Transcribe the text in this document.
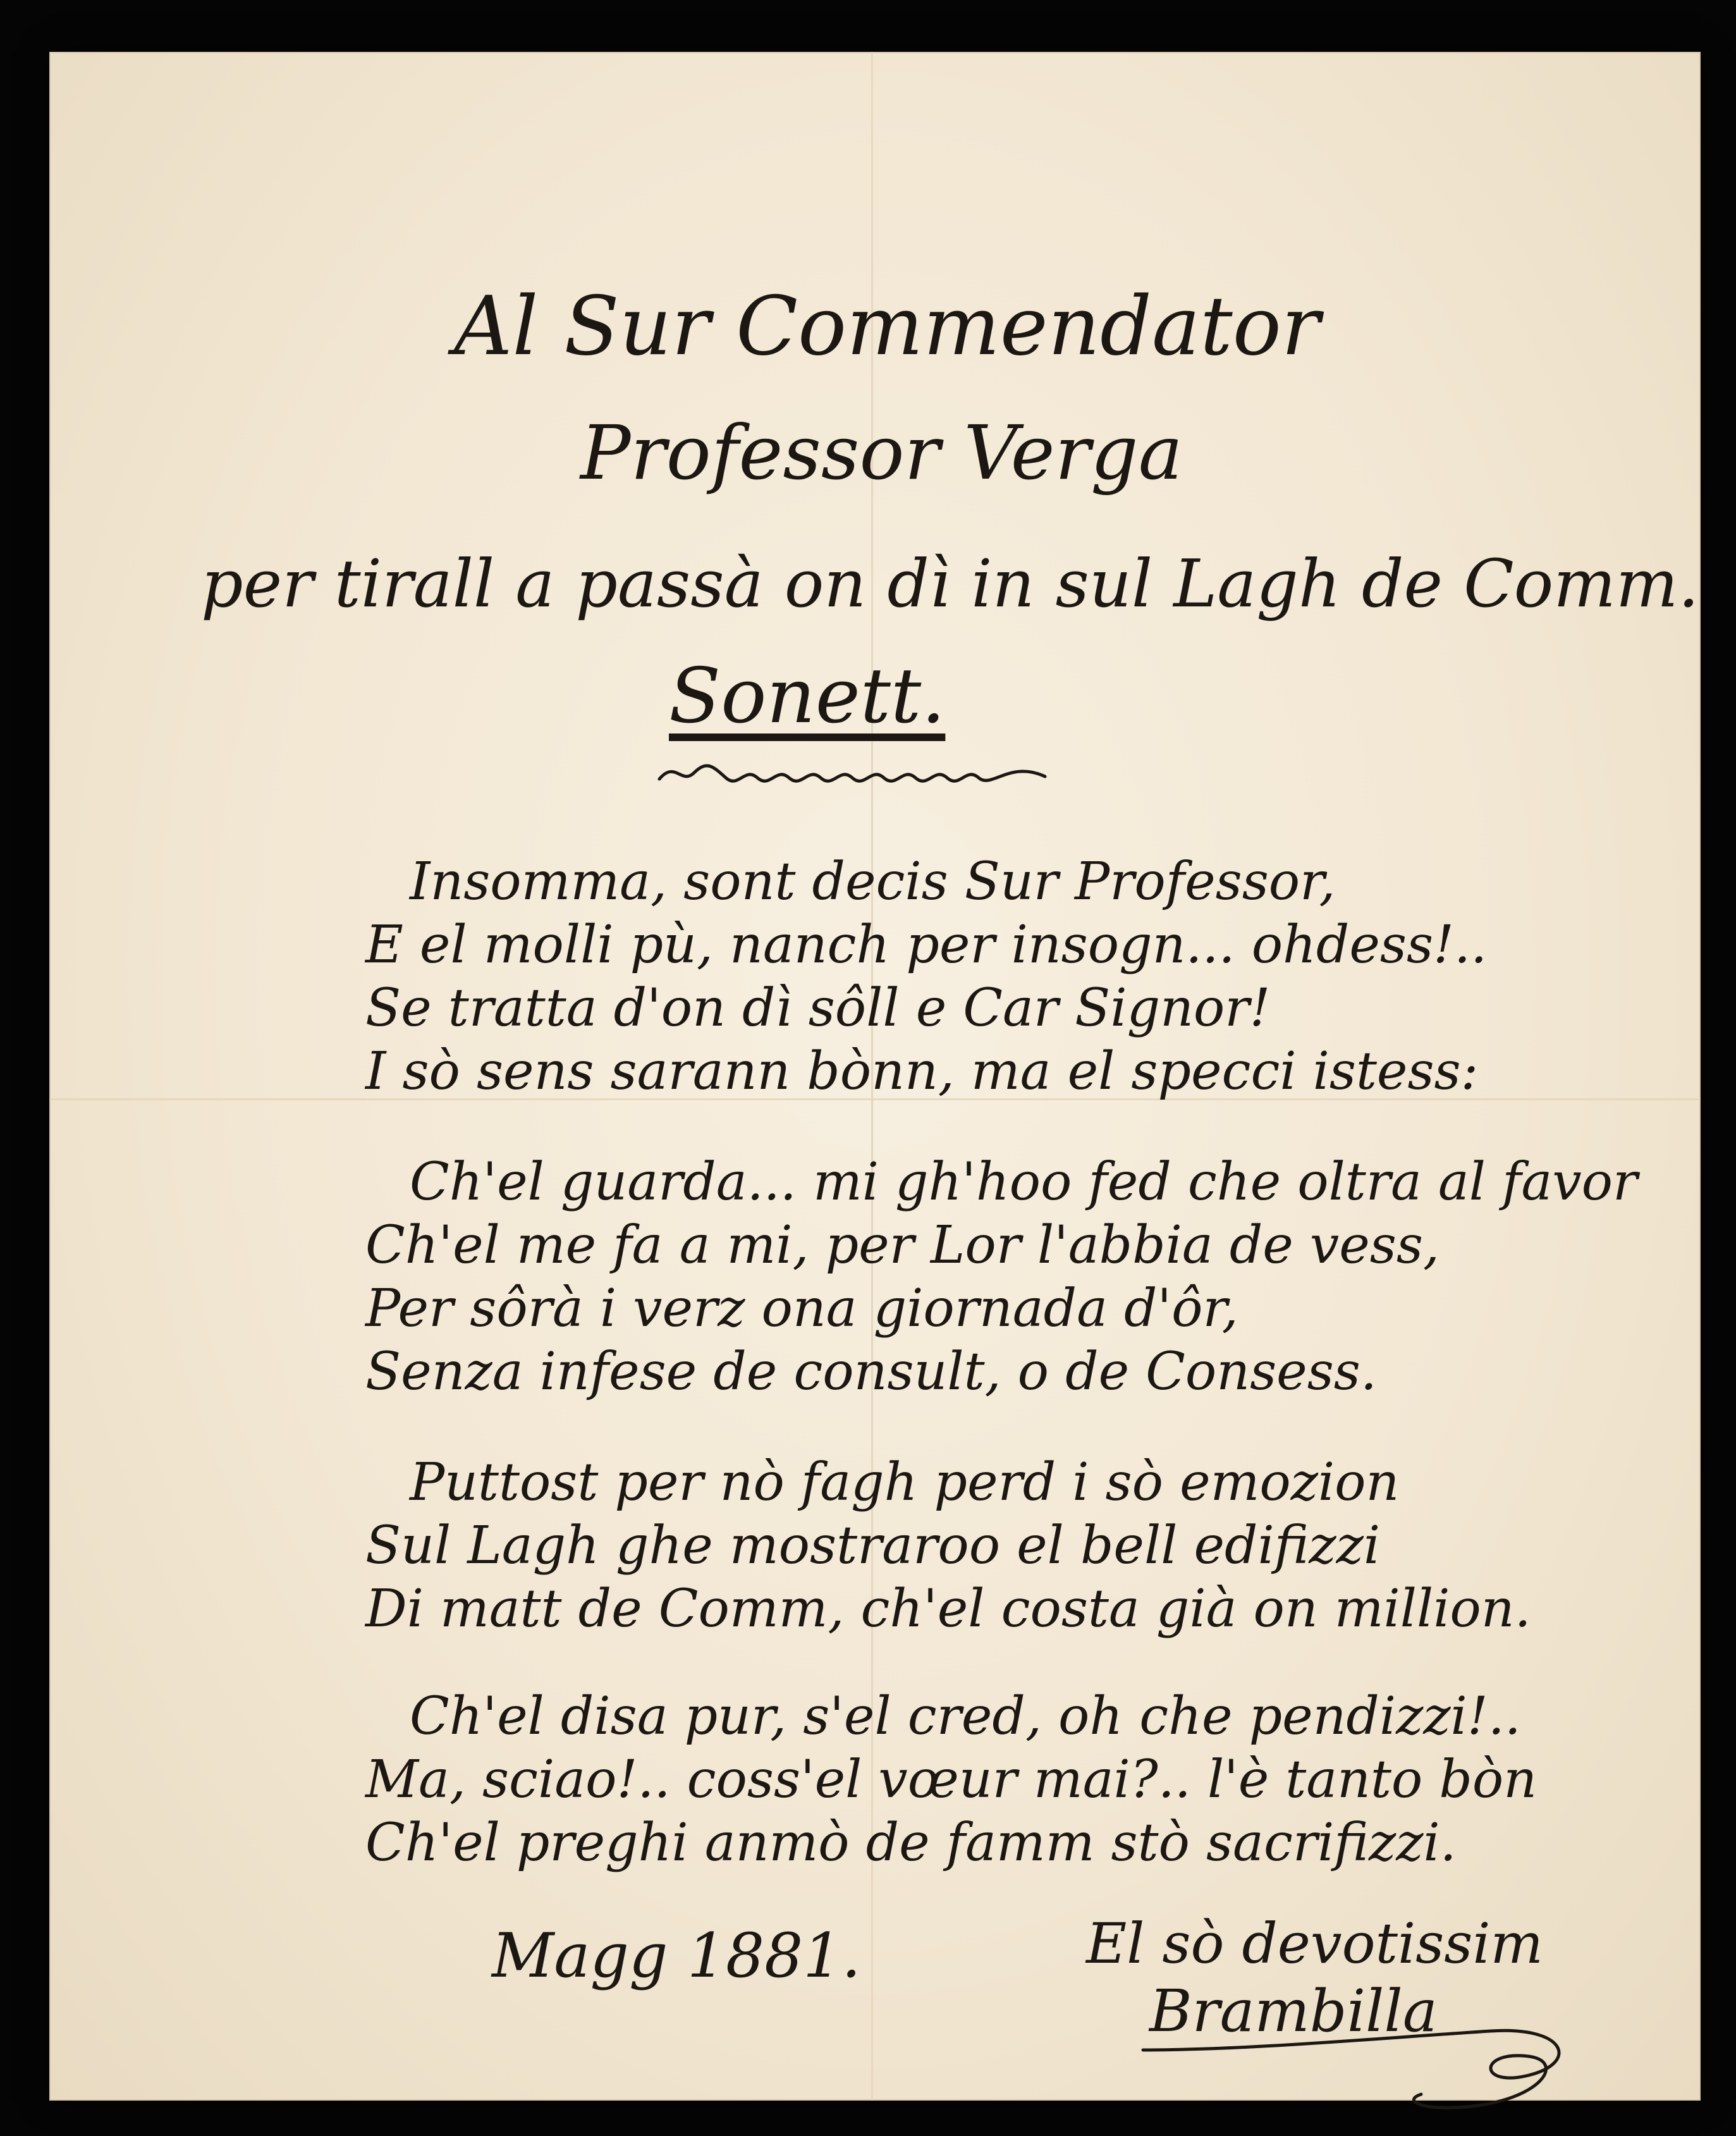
Al Sur Commendator

Professor Verga

per tirall a passà on dì in sul Lagh de Comm.

Sonett.

Insomma, sont decis Sur Professor,

E el molli pù, nanch per insogn... ohdess!..

Se tratta d'on dì sôll e Car Signor!

I sò sens sarann bònn, ma el specci istess:

Ch'el guarda... mi gh'hoo fed che oltra al favor

Ch'el me fa a mi, per Lor l'abbia de vess,

Per sôrà i verz ona giornada d'ôr,

Senza infese de consult, o de Consess.

Puttost per nò fagh perd i sò emozion

Sul Lagh ghe mostraroo el bell edifizzi

Di matt de Comm, ch'el costa già on million.

Ch'el disa pur, s'el cred, oh che pendizzi!..

Ma, sciao!.. coss'el vœur mai?.. l'è tanto bòn

Ch'el preghi anmò de famm stò sacrifizzi.

Magg 1881.	El sò devotissim

Brambilla
